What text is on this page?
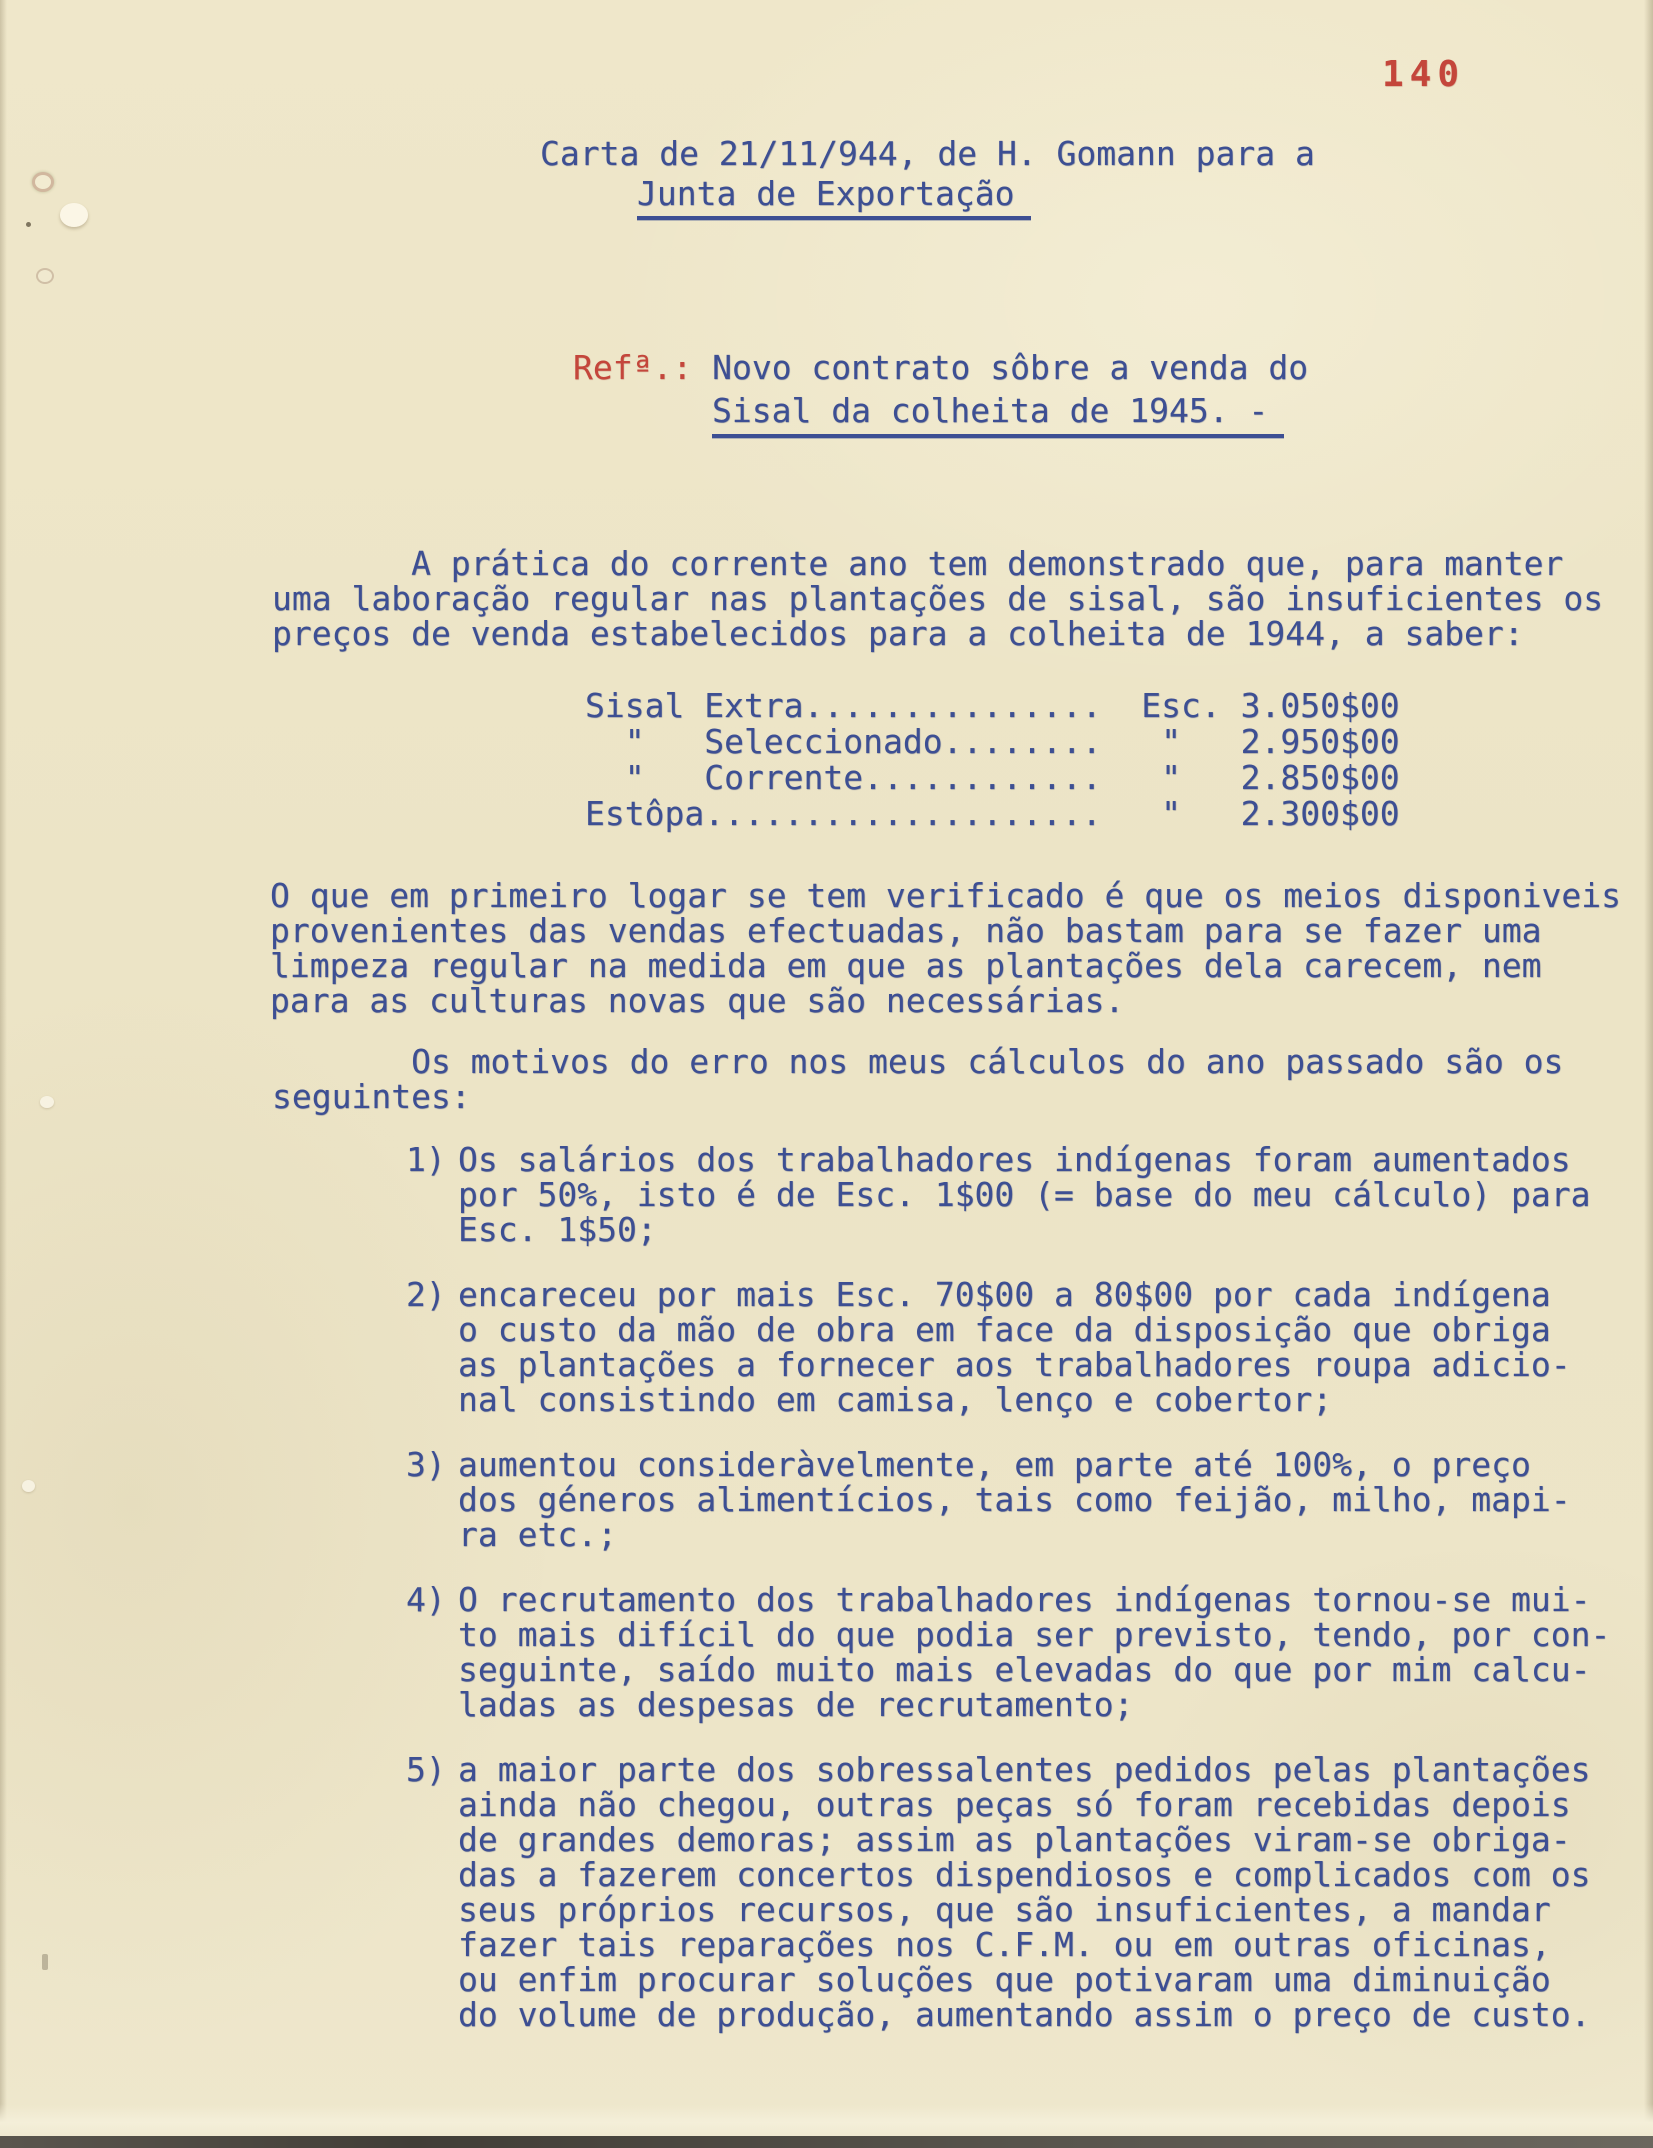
140
Carta de 21/11/944, de H. Gomann para a
Junta de Exportação
Refª.: Novo contrato sôbre a venda do
Sisal da colheita de 1945. -
A prática do corrente ano tem demonstrado que, para manter
uma laboração regular nas plantações de sisal, são insuficientes os
preços de venda estabelecidos para a colheita de 1944, a saber:
Sisal Extra...............  Esc. 3.050$00
"   Seleccionado........   "   2.950$00
"   Corrente............   "   2.850$00
Estôpa....................   "   2.300$00
O que em primeiro logar se tem verificado é que os meios disponiveis
provenientes das vendas efectuadas, não bastam para se fazer uma
limpeza regular na medida em que as plantações dela carecem, nem
para as culturas novas que são necessárias.
Os motivos do erro nos meus cálculos do ano passado são os
seguintes:
1) Os salários dos trabalhadores indígenas foram aumentados
por 50%, isto é de Esc. 1$00 (= base do meu cálculo) para
Esc. 1$50;
2) encareceu por mais Esc. 70$00 a 80$00 por cada indígena
o custo da mão de obra em face da disposição que obriga
as plantações a fornecer aos trabalhadores roupa adicio-
nal consistindo em camisa, lenço e cobertor;
3) aumentou consideràvelmente, em parte até 100%, o preço
dos géneros alimentícios, tais como feijão, milho, mapi-
ra etc.;
4) O recrutamento dos trabalhadores indígenas tornou-se mui-
to mais difícil do que podia ser previsto, tendo, por con-
seguinte, saído muito mais elevadas do que por mim calcu-
ladas as despesas de recrutamento;
5) a maior parte dos sobressalentes pedidos pelas plantações
ainda não chegou, outras peças só foram recebidas depois
de grandes demoras; assim as plantações viram-se obriga-
das a fazerem concertos dispendiosos e complicados com os
seus próprios recursos, que são insuficientes, a mandar
fazer tais reparações nos C.F.M. ou em outras oficinas,
ou enfim procurar soluções que potivaram uma diminuição
do volume de produção, aumentando assim o preço de custo.
